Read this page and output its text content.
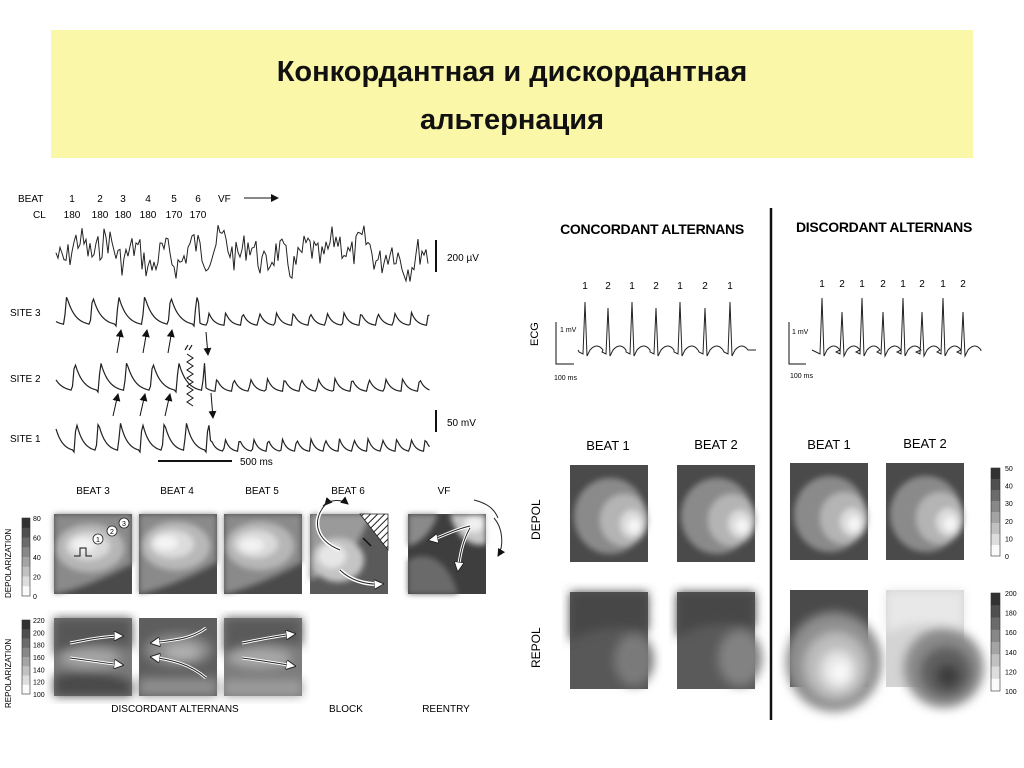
Конкордантная и дискордантная
альтернация
BEAT
CL
1 2 3 4 5 6
180 180 180 180 170 170
VF
200 µV
SITE 3
SITE 2
SITE 1
50 mV
500 ms
BEAT 3	BEAT 4	BEAT 5	BEAT 6	VF
DEPOLARIZATION
80
60
40
20
0
REPOLARIZATION
220
200
180
160
140
120
100
1
2
3
DISCORDANT ALTERNANS	BLOCK	REENTRY
CONCORDANT ALTERNANS	DISCORDANT ALTERNANS
1 2 1 2 1 2 1	1 2 1 2 1 2 1 2
ECG	1 mV
100 ms
1 mV
100 ms
BEAT 1	BEAT 2	BEAT 1	BEAT 2
DEPOL
REPOL
50
40
30
20
10
0
200
180
160
140
120
100
